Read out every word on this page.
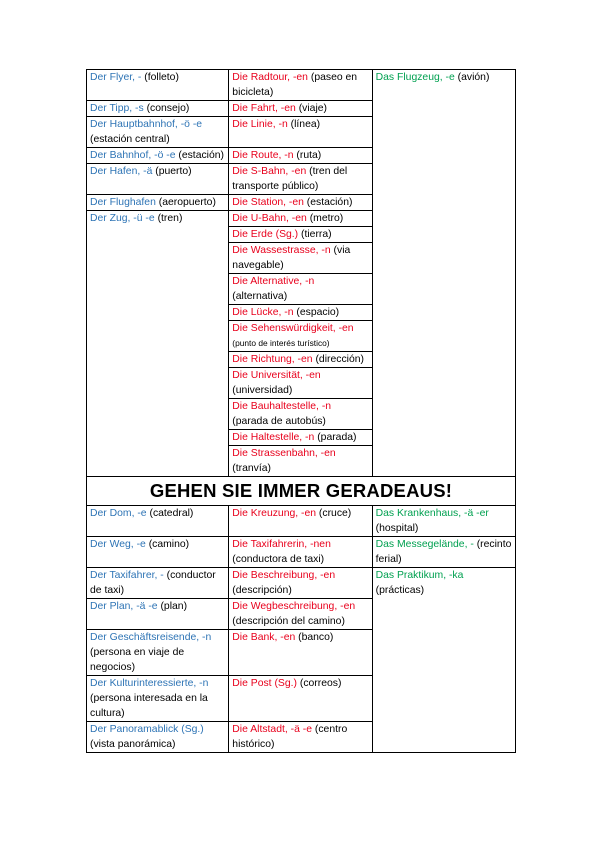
Der Flyer, - (folleto)	Die Radtour, -en (paseo en bicicleta)	Das Flugzeug, -e (avión)
Der Tipp, -s (consejo)	Die Fahrt, -en (viaje)	
Der Hauptbahnhof, -ö -e (estación central)	Die Linie, -n (línea)	
Der Bahnhof, -ö -e (estación)	Die Route, -n (ruta)	
Der Hafen, -ä (puerto)	Die S-Bahn, -en (tren del transporte público)	
Der Flughafen (aeropuerto)	Die Station, -en (estación)	
Der Zug, -ü -e (tren)	Die U-Bahn, -en (metro)	
	Die Erde (Sg.) (tierra)	
	Die Wassestrasse, -n (via navegable)	
	Die Alternative, -n (alternativa)	
	Die Lücke, -n (espacio)	
	Die Sehenswürdigkeit, -en (punto de interés turístico)	
	Die Richtung, -en (dirección)	
	Die Universität, -en (universidad)	
	Die Bauhaltestelle, -n (parada de autobús)	
	Die Haltestelle, -n (parada)	
	Die Strassenbahn, -en (tranvía)	
GEHEN SIE IMMER GERADEAUS!		
Der Dom, -e (catedral)	Die Kreuzung, -en (cruce)	Das Krankenhaus, -ä -er (hospital)
Der Weg, -e (camino)	Die Taxifahrerin, -nen (conductora de taxi)	Das Messegelände, - (recinto ferial)
Der Taxifahrer, - (conductor de taxi)	Die Beschreibung, -en (descripción)	Das Praktikum, -ka (prácticas)
Der Plan, -ä -e (plan)	Die Wegbeschreibung, -en (descripción del camino)	
Der Geschäftsreisende, -n (persona en viaje de negocios)	Die Bank, -en (banco)	
Der Kulturinteressierte, -n (persona interesada en la cultura)	Die Post (Sg.) (correos)	
Der Panoramablick (Sg.) (vista panorámica)	Die Altstadt, -ä -e (centro histórico)	
